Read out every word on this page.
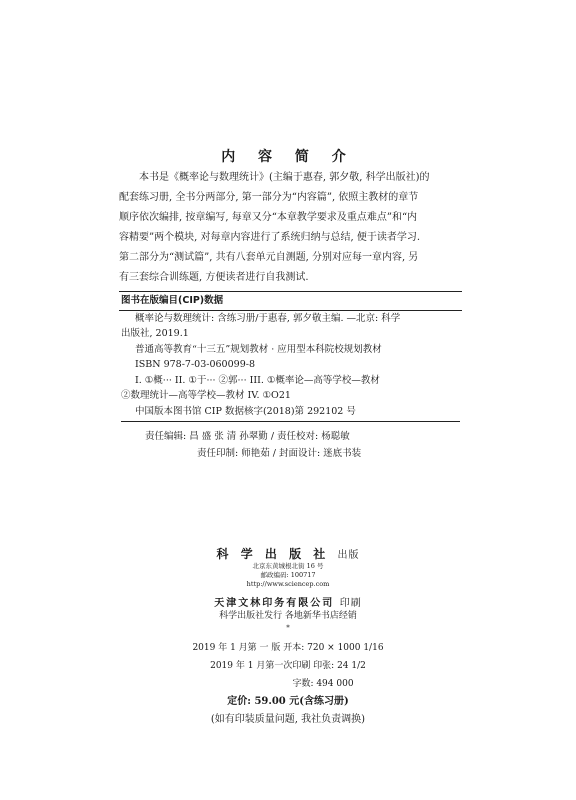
内 容 简 介
本书是《概率论与数理统计》(主编于惠春, 郭夕敬, 科学出版社)的
配套练习册, 全书分两部分, 第一部分为“内容篇”, 依照主教材的章节
顺序依次编排, 按章编写, 每章又分“本章教学要求及重点难点”和“内
容精要”两个模块, 对每章内容进行了系统归纳与总结, 便于读者学习.
第二部分为“测试篇”, 共有八套单元自测题, 分别对应每一章内容, 另
有三套综合训练题, 方便读者进行自我测试.
图书在版编目(CIP)数据
概率论与数理统计: 含练习册/于惠春, 郭夕敬主编. —北京: 科学
出版社, 2019.1
普通高等教育“十三五”规划教材 · 应用型本科院校规划教材
ISBN 978-7-03-060099-8
I. ①概··· II. ①于··· ②郭··· III. ①概率论—高等学校—教材
②数理统计—高等学校—教材 IV. ①O21
中国版本图书馆 CIP 数据核字(2018)第 292102 号
责任编辑: 昌 盛 张 清 孙翠勤 / 责任校对: 杨聪敏
责任印制: 师艳茹 / 封面设计: 迷底书装
科 学 出 版 社 出版
北京东黄城根北街 16 号
邮政编码: 100717
http://www.sciencep.com
天津文林印务有限公司 印刷
科学出版社发行 各地新华书店经销
*
2019 年 1 月第 一 版 开本: 720 × 1000 1/16
2019 年 1 月第一次印刷 印张: 24 1/2
字数: 494 000
定价: 59.00 元(含练习册)
(如有印装质量问题, 我社负责调换)
